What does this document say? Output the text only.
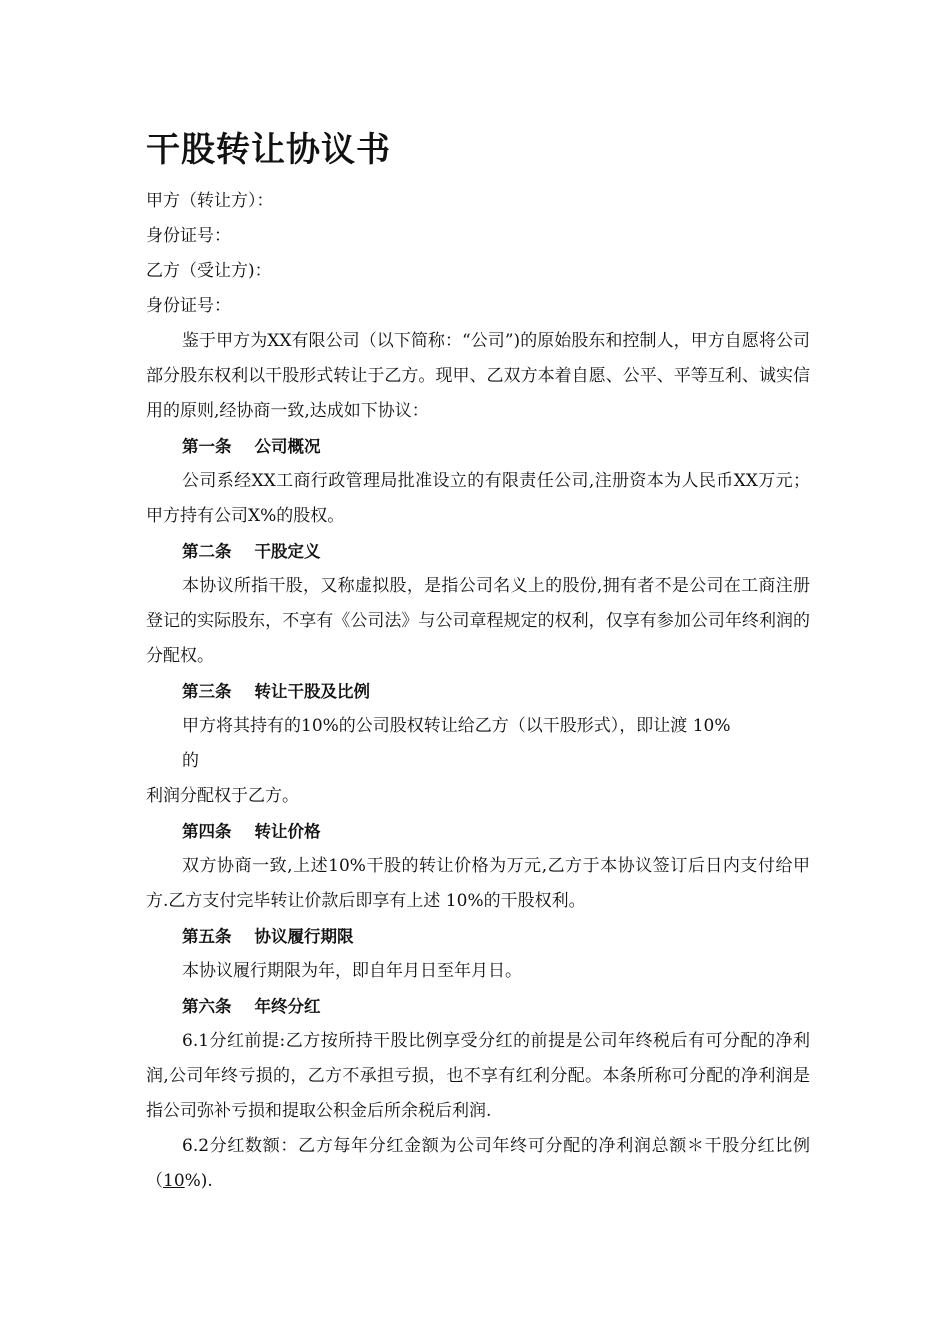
干股转让协议书

甲方（转让方）：

身份证号：

乙方（受让方)：

身份证号：

鉴于甲方为XX有限公司（以下简称：“公司”)的原始股东和控制人，甲方自愿将公司部分股东权利以干股形式转让于乙方。现甲、乙双方本着自愿、公平、平等互利、诚实信用的原则,经协商一致,达成如下协议：

第一条    公司概况

公司系经XX工商行政管理局批准设立的有限责任公司,注册资本为人民币XX万元；甲方持有公司X%的股权。

第二条    干股定义

本协议所指干股，又称虚拟股，是指公司名义上的股份,拥有者不是公司在工商注册登记的实际股东，不享有《公司法》与公司章程规定的权利，仅享有参加公司年终利润的分配权。

第三条    转让干股及比例

甲方将其持有的10%的公司股权转让给乙方（以干股形式），即让渡 10%

的

利润分配权于乙方。

第四条    转让价格

双方协商一致,上述10%干股的转让价格为万元,乙方于本协议签订后日内支付给甲方.乙方支付完毕转让价款后即享有上述 10%的干股权利。

第五条    协议履行期限

本协议履行期限为年，即自年月日至年月日。

第六条    年终分红

6.1分红前提:乙方按所持干股比例享受分红的前提是公司年终税后有可分配的净利润,公司年终亏损的，乙方不承担亏损，也不享有红利分配。本条所称可分配的净利润是指公司弥补亏损和提取公积金后所余税后利润.

6.2分红数额：乙方每年分红金额为公司年终可分配的净利润总额＊干股分红比例（10%).
